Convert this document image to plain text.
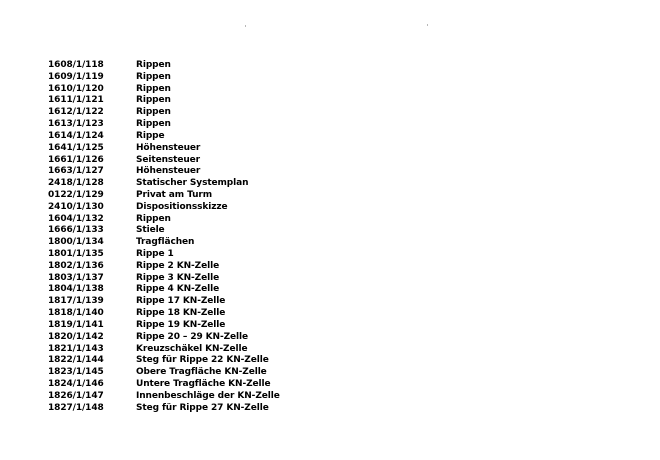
1608/1/118	Rippen
1609/1/119	Rippen
1610/1/120	Rippen
1611/1/121	Rippen
1612/1/122	Rippen
1613/1/123	Rippen
1614/1/124	Rippe
1641/1/125	Höhensteuer
1661/1/126	Seitensteuer
1663/1/127	Höhensteuer
2418/1/128	Statischer Systemplan
0122/1/129	Privat am Turm
2410/1/130	Dispositionsskizze
1604/1/132	Rippen
1666/1/133	Stiele
1800/1/134	Tragflächen
1801/1/135	Rippe 1
1802/1/136	Rippe 2 KN-Zelle
1803/1/137	Rippe 3 KN-Zelle
1804/1/138	Rippe 4 KN-Zelle
1817/1/139	Rippe 17 KN-Zelle
1818/1/140	Rippe 18 KN-Zelle
1819/1/141	Rippe 19 KN-Zelle
1820/1/142	Rippe 20 – 29 KN-Zelle
1821/1/143	Kreuzschäkel KN-Zelle
1822/1/144	Steg für Rippe 22 KN-Zelle
1823/1/145	Obere Tragfläche KN-Zelle
1824/1/146	Untere Tragfläche KN-Zelle
1826/1/147	Innenbeschläge der KN-Zelle
1827/1/148	Steg für Rippe 27 KN-Zelle
